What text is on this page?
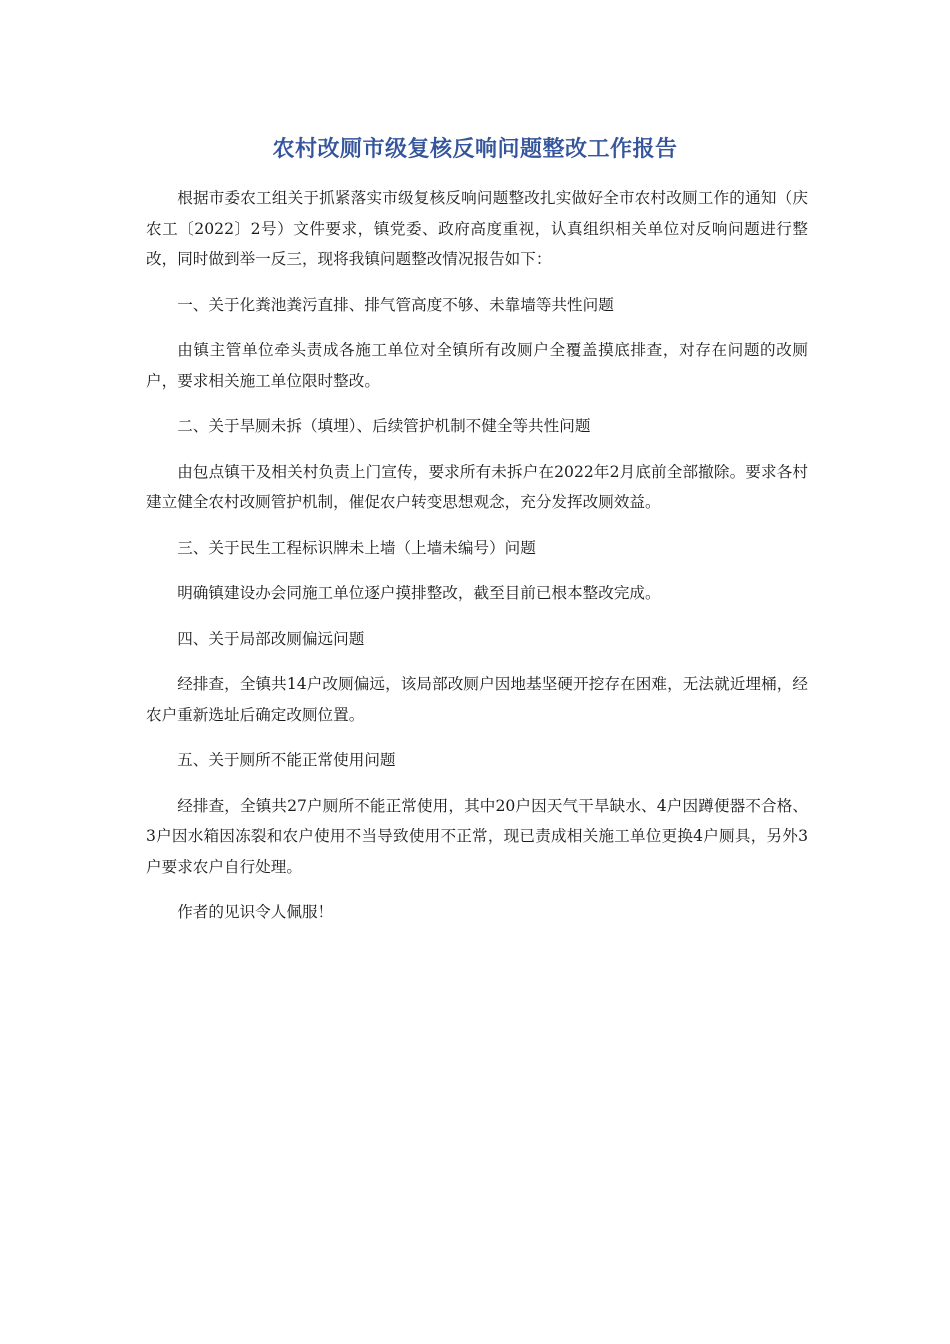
农村改厕市级复核反响问题整改工作报告

根据市委农工组关于抓紧落实市级复核反响问题整改扎实做好全市农村改厕工作的通知（庆农工〔2022〕2号）文件要求，镇党委、政府高度重视，认真组织相关单位对反响问题进行整改，同时做到举一反三，现将我镇问题整改情况报告如下：

一、关于化粪池粪污直排、排气管高度不够、未靠墙等共性问题

由镇主管单位牵头责成各施工单位对全镇所有改厕户全覆盖摸底排查，对存在问题的改厕户，要求相关施工单位限时整改。

二、关于旱厕未拆（填埋）、后续管护机制不健全等共性问题

由包点镇干及相关村负责上门宣传，要求所有未拆户在2022年2月底前全部撤除。要求各村建立健全农村改厕管护机制，催促农户转变思想观念，充分发挥改厕效益。

三、关于民生工程标识牌未上墙（上墙未编号）问题

明确镇建设办会同施工单位逐户摸排整改，截至目前已根本整改完成。

四、关于局部改厕偏远问题

经排查，全镇共14户改厕偏远，该局部改厕户因地基坚硬开挖存在困难，无法就近埋桶，经农户重新选址后确定改厕位置。

五、关于厕所不能正常使用问题

经排查，全镇共27户厕所不能正常使用，其中20户因天气干旱缺水、4户因蹲便器不合格、3户因水箱因冻裂和农户使用不当导致使用不正常，现已责成相关施工单位更换4户厕具，另外3户要求农户自行处理。

作者的见识令人佩服！
